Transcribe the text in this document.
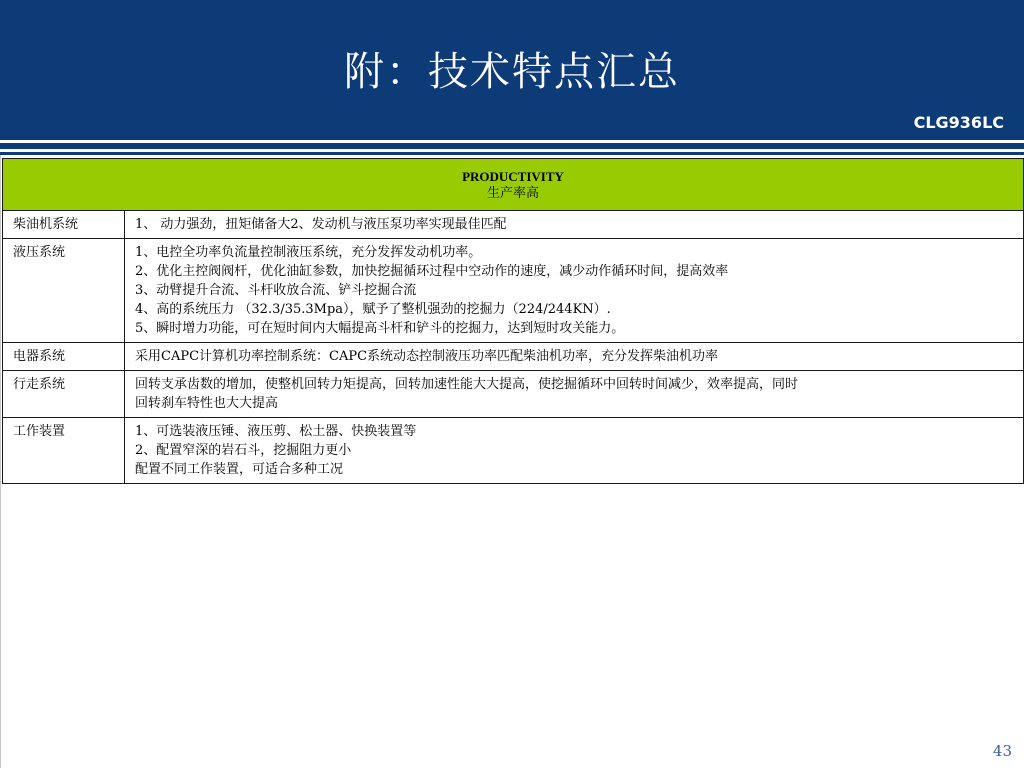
附：技术特点汇总
CLG936LC
PRODUCTIVITY
生产率高	

柴油机系统	1、 动力强劲，扭矩储备大2、发动机与液压泵功率实现最佳匹配

液压系统	1、电控全功率负流量控制液压系统，充分发挥发动机功率。
2、优化主控阀阀杆，优化油缸参数，加快挖掘循环过程中空动作的速度，减少动作循环时间，提高效率
3、动臂提升合流、斗杆收放合流、铲斗挖掘合流
4、高的系统压力 （32.3/35.3Mpa），赋予了整机强劲的挖掘力（224/244KN）.
5、瞬时增力功能，可在短时间内大幅提高斗杆和铲斗的挖掘力，达到短时攻关能力。

电器系统	采用CAPC计算机功率控制系统：CAPC系统动态控制液压功率匹配柴油机功率，充分发挥柴油机功率

行走系统	回转支承齿数的增加，使整机回转力矩提高，回转加速性能大大提高，使挖掘循环中回转时间减少，效率提高，同时
回转刹车特性也大大提高

工作装置	1、可选装液压锤、液压剪、松土器、快换装置等
2、配置窄深的岩石斗，挖掘阻力更小
配置不同工作装置，可适合多种工况
43
